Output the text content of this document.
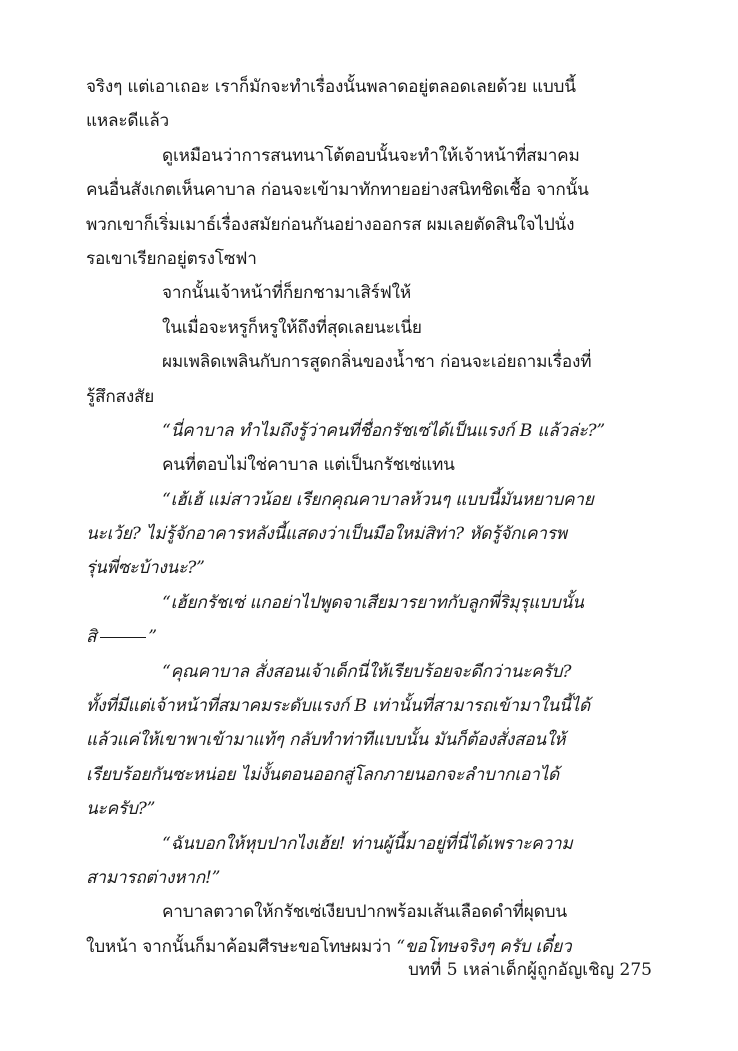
จริงๆ แต่เอาเถอะ เราก็มักจะทำเรื่องนั้นพลาดอยู่ตลอดเลยด้วย แบบนี้
แหละดีแล้ว
ดูเหมือนว่าการสนทนาโต้ตอบนั้นจะทำให้เจ้าหน้าที่สมาคม
คนอื่นสังเกตเห็นคาบาล ก่อนจะเข้ามาทักทายอย่างสนิทชิดเชื้อ จากนั้น
พวกเขาก็เริ่มเมาธ์เรื่องสมัยก่อนกันอย่างออกรส ผมเลยตัดสินใจไปนั่ง
รอเขาเรียกอยู่ตรงโซฟา
จากนั้นเจ้าหน้าที่ก็ยกชามาเสิร์ฟให้
ในเมื่อจะหรูก็หรูให้ถึงที่สุดเลยนะเนี่ย
ผมเพลิดเพลินกับการสูดกลิ่นของน้ำชา ก่อนจะเอ่ยถามเรื่องที่
รู้สึกสงสัย
“นี่คาบาล ทำไมถึงรู้ว่าคนที่ชื่อกรัชเซ่ได้เป็นแรงก์ B แล้วล่ะ?”
คนที่ตอบไม่ใช่คาบาล แต่เป็นกรัชเซ่แทน
“เฮ้เฮ้ แม่สาวน้อย เรียกคุณคาบาลห้วนๆ แบบนี้มันหยาบคาย
นะเว้ย? ไม่รู้จักอาคารหลังนี้แสดงว่าเป็นมือใหม่สิท่า? หัดรู้จักเคารพ
รุ่นพี่ซะบ้างนะ?”
“เฮ้ยกรัชเซ่ แกอย่าไปพูดจาเสียมารยาทกับลูกพี่ริมุรุแบบนั้น
สิ	”
“คุณคาบาล สั่งสอนเจ้าเด็กนี่ให้เรียบร้อยจะดีกว่านะครับ?
ทั้งที่มีแต่เจ้าหน้าที่สมาคมระดับแรงก์ B เท่านั้นที่สามารถเข้ามาในนี้ได้
แล้วแค่ให้เขาพาเข้ามาแท้ๆ กลับทำท่าทีแบบนั้น มันก็ต้องสั่งสอนให้
เรียบร้อยกันซะหน่อย ไม่งั้นตอนออกสู่โลกภายนอกจะลำบากเอาได้
นะครับ?”
“ฉันบอกให้หุบปากไงเฮ้ย! ท่านผู้นี้มาอยู่ที่นี่ได้เพราะความ
สามารถต่างหาก!”
คาบาลตวาดให้กรัชเซ่เงียบปากพร้อมเส้นเลือดดำที่ผุดบน
ใบหน้า จากนั้นก็มาค้อมศีรษะขอโทษผมว่า “ขอโทษจริงๆ ครับ เดี๋ยว
บทที่ 5 เหล่าเด็กผู้ถูกอัญเชิญ 275
